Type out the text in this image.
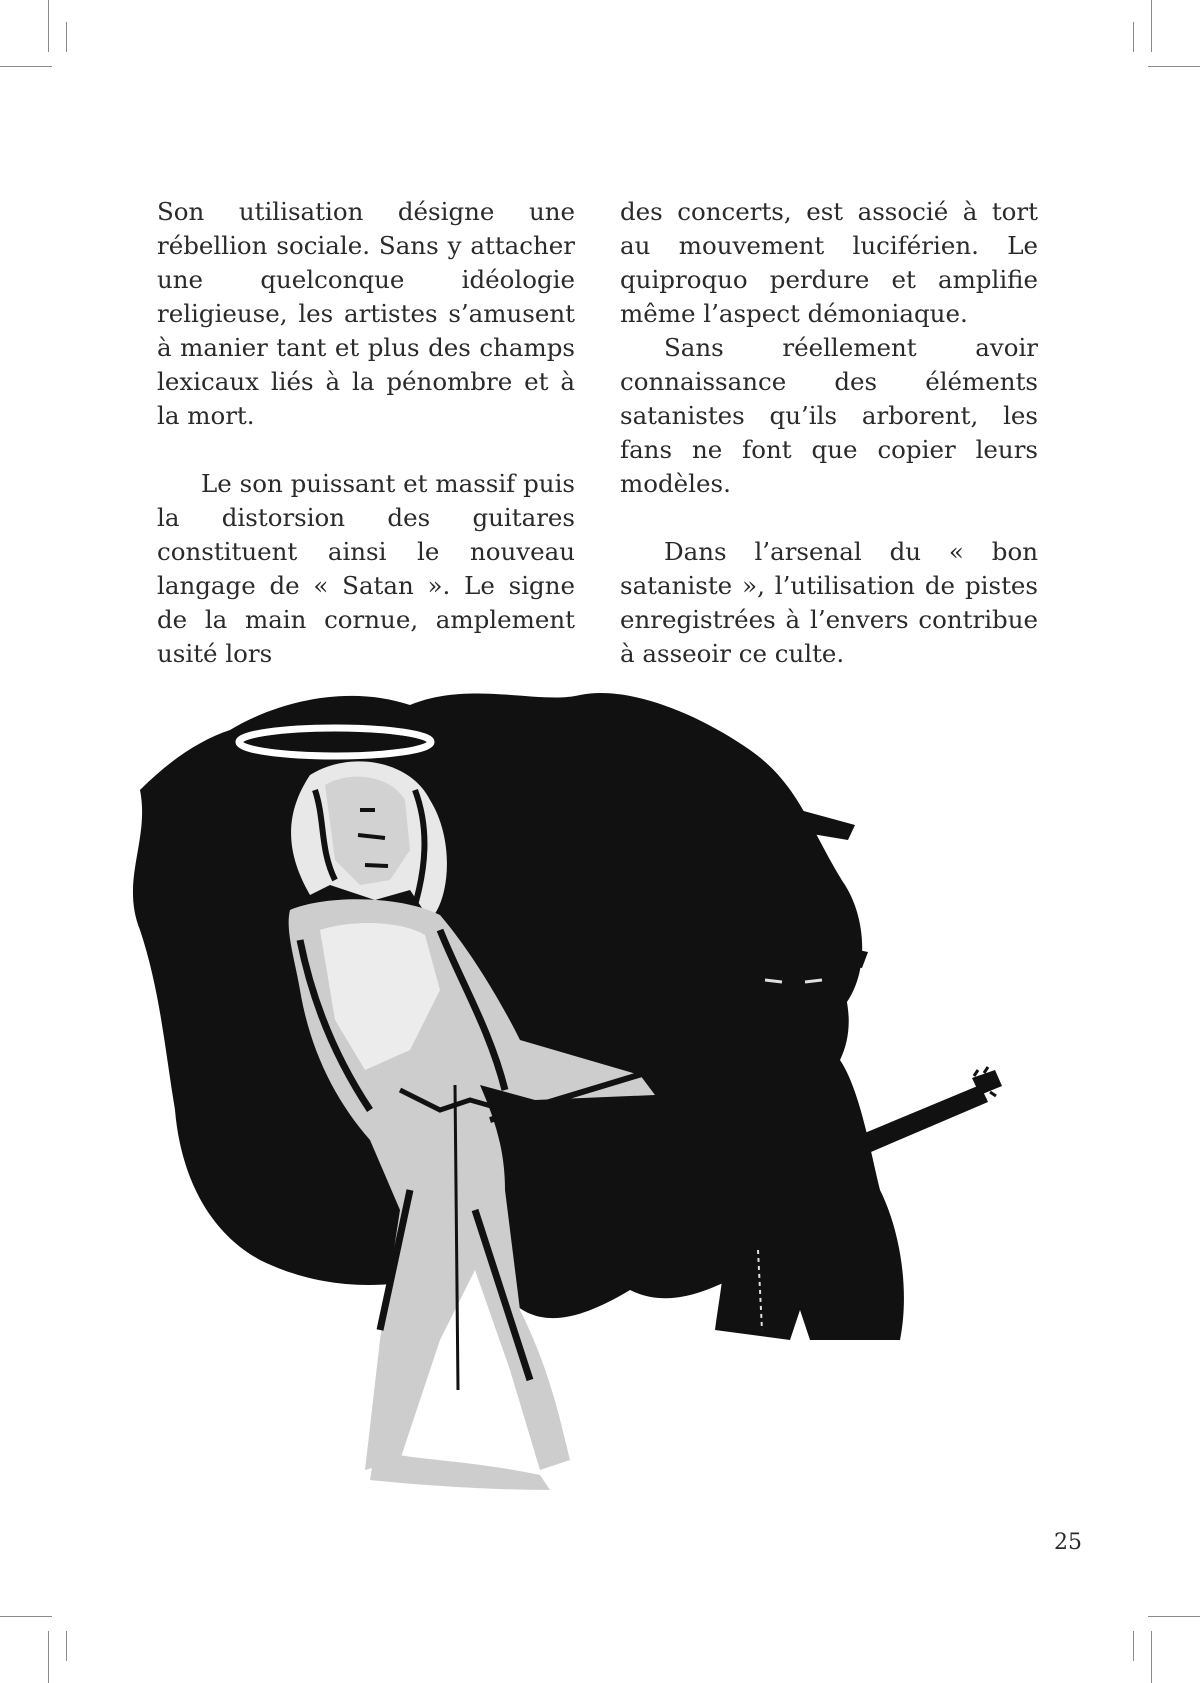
Son utilisation désigne une rébellion sociale. Sans y attacher une quelconque idéologie religieuse, les artistes s’amusent à manier tant et plus des champs lexicaux liés à la pénombre et à la mort.

Le son puissant et massif puis la distorsion des guitares constituent ainsi le nouveau langage de « Satan ». Le signe de la main cornue, amplement usité lors

des concerts, est associé à tort au mouvement luciférien. Le quiproquo perdure et amplifie même l’aspect démoniaque.

Sans réellement avoir connaissance des éléments satanistes qu’ils arborent, les fans ne font que copier leurs modèles.

Dans l’arsenal du « bon sataniste », l’utilisation de pistes enregistrées à l’envers contribue à asseoir ce culte.

25
